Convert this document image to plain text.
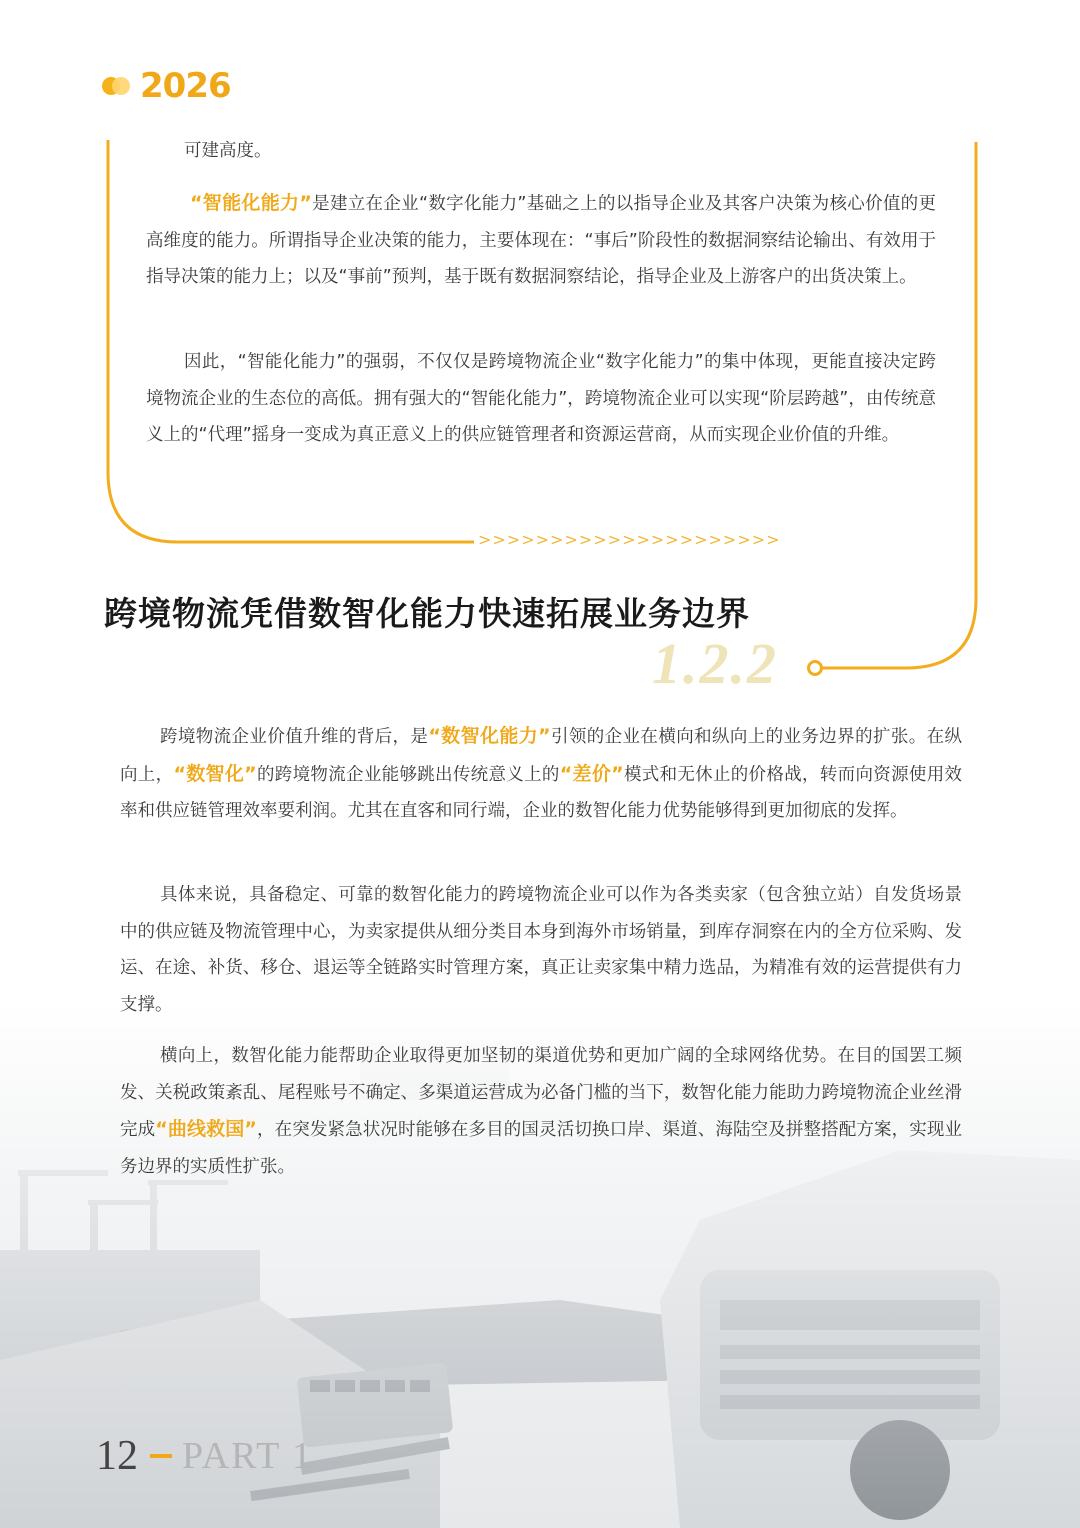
2026

可建高度。

“智能化能力”是建立在企业“数字化能力”基础之上的以指导企业及其客户决策为核心价值的更高维度的能力。所谓指导企业决策的能力，主要体现在：“事后”阶段性的数据洞察结论输出、有效用于指导决策的能力上；以及“事前”预判，基于既有数据洞察结论，指导企业及上游客户的出货决策上。

因此，“智能化能力”的强弱，不仅仅是跨境物流企业“数字化能力”的集中体现，更能直接决定跨境物流企业的生态位的高低。拥有强大的“智能化能力”，跨境物流企业可以实现“阶层跨越”，由传统意义上的“代理”摇身一变成为真正意义上的供应链管理者和资源运营商，从而实现企业价值的升维。

>>>>>>>>>>>>>>>>>>>>>
1.2.2
跨境物流凭借数智化能力快速拓展业务边界

跨境物流企业价值升维的背后，是“数智化能力”引领的企业在横向和纵向上的业务边界的扩张。在纵向上，“数智化”的跨境物流企业能够跳出传统意义上的“差价”模式和无休止的价格战，转而向资源使用效率和供应链管理效率要利润。尤其在直客和同行端，企业的数智化能力优势能够得到更加彻底的发挥。

具体来说，具备稳定、可靠的数智化能力的跨境物流企业可以作为各类卖家（包含独立站）自发货场景中的供应链及物流管理中心，为卖家提供从细分类目本身到海外市场销量，到库存洞察在内的全方位采购、发运、在途、补货、移仓、退运等全链路实时管理方案，真正让卖家集中精力选品，为精准有效的运营提供有力支撑。

横向上，数智化能力能帮助企业取得更加坚韧的渠道优势和更加广阔的全球网络优势。在目的国罢工频发、关税政策紊乱、尾程账号不确定、多渠道运营成为必备门槛的当下，数智化能力能助力跨境物流企业丝滑完成“曲线救国”，在突发紧急状况时能够在多目的国灵活切换口岸、渠道、海陆空及拼整搭配方案，实现业务边界的实质性扩张。

12 PART 1
